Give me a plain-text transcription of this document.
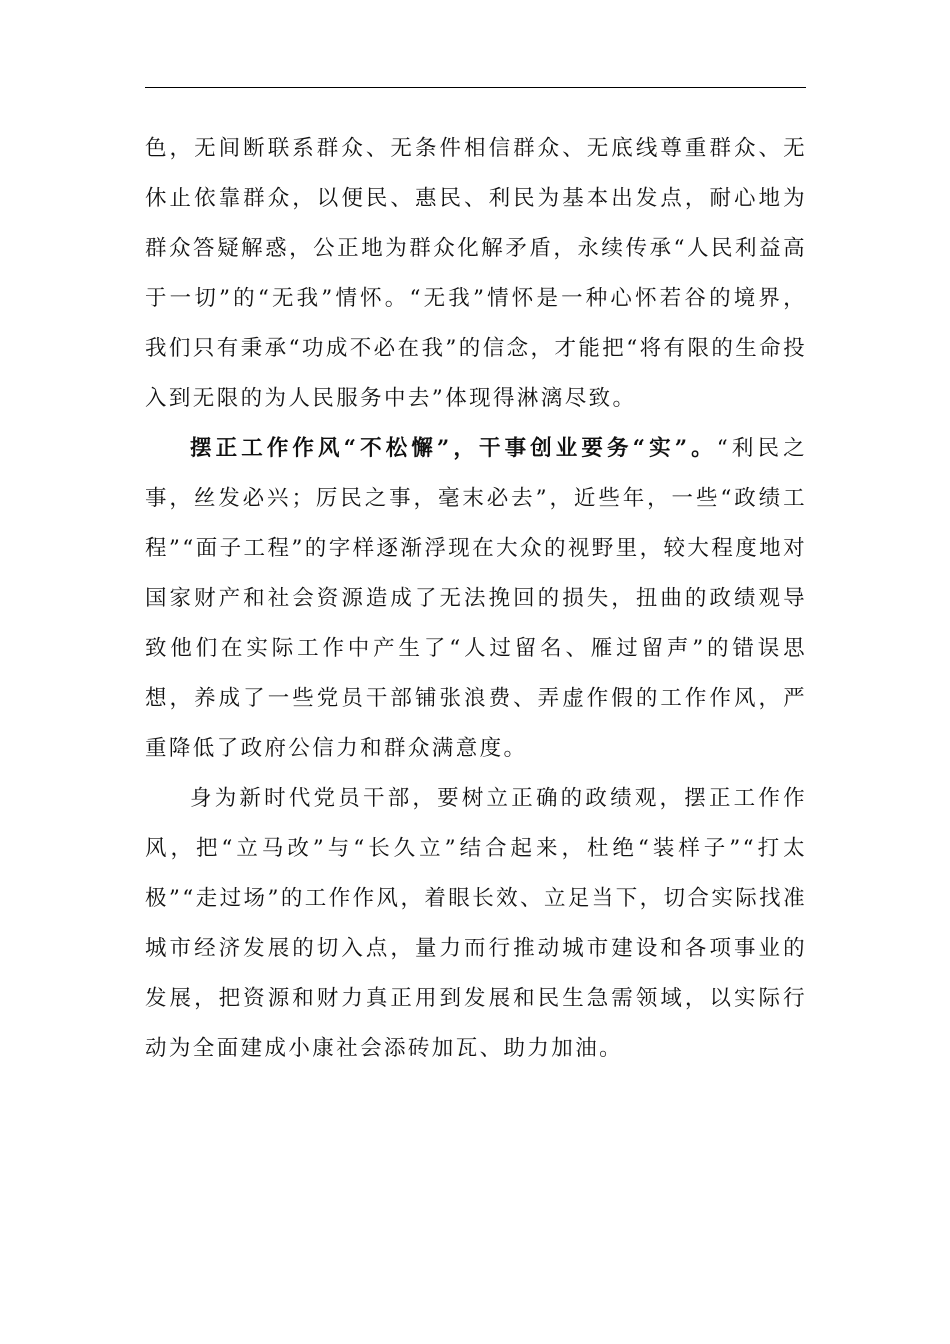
色，无间断联系群众、无条件相信群众、无底线尊重群众、无休止依靠群众，以便民、惠民、利民为基本出发点，耐心地为群众答疑解惑，公正地为群众化解矛盾，永续传承“人民利益高于一切”的“无我”情怀。“无我”情怀是一种心怀若谷的境界，我们只有秉承“功成不必在我”的信念，才能把“将有限的生命投入到无限的为人民服务中去”体现得淋漓尽致。

摆正工作作风“不松懈”，干事创业要务“实”。“利民之事，丝发必兴；厉民之事，毫末必去”，近些年，一些“政绩工程”“面子工程”的字样逐渐浮现在大众的视野里，较大程度地对国家财产和社会资源造成了无法挽回的损失，扭曲的政绩观导致他们在实际工作中产生了“人过留名、雁过留声”的错误思想，养成了一些党员干部铺张浪费、弄虚作假的工作作风，严重降低了政府公信力和群众满意度。

身为新时代党员干部，要树立正确的政绩观，摆正工作作风，把“立马改”与“长久立”结合起来，杜绝“装样子”“打太极”“走过场”的工作作风，着眼长效、立足当下，切合实际找准城市经济发展的切入点，量力而行推动城市建设和各项事业的发展，把资源和财力真正用到发展和民生急需领域，以实际行动为全面建成小康社会添砖加瓦、助力加油。
